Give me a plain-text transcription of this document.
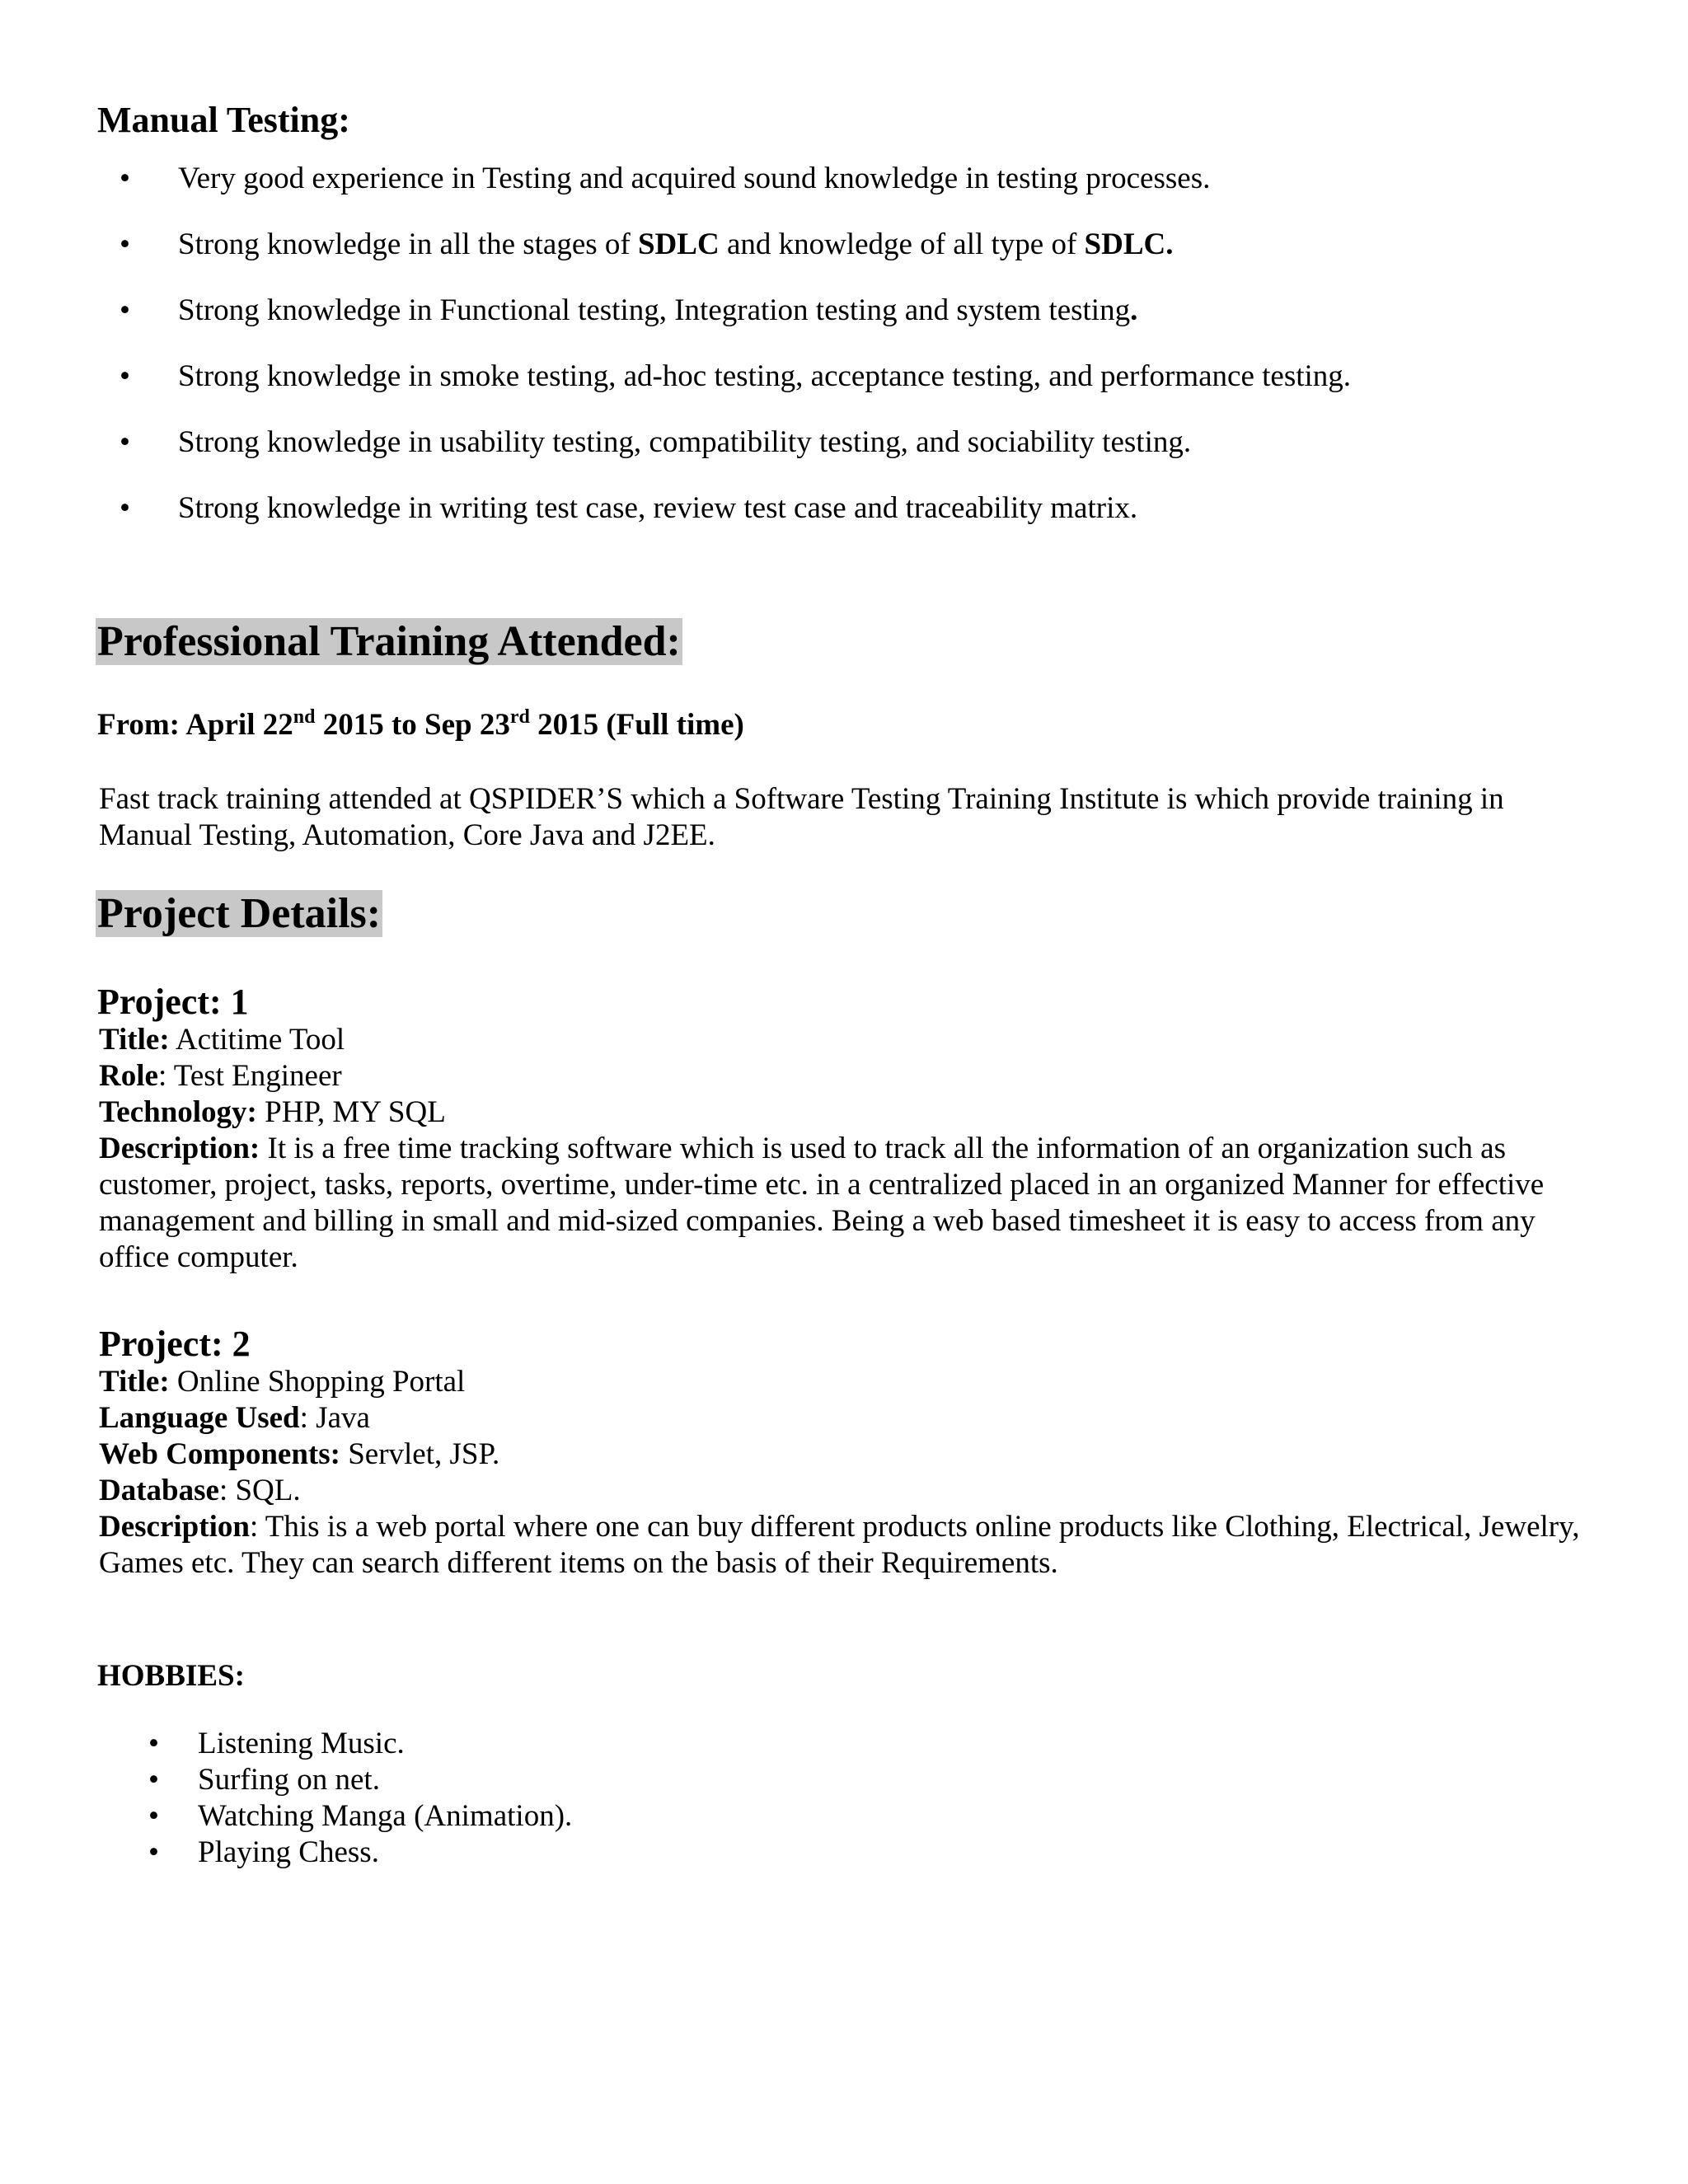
Manual Testing:
• Very good experience in Testing and acquired sound knowledge in testing processes.
• Strong knowledge in all the stages of SDLC and knowledge of all type of SDLC.
• Strong knowledge in Functional testing, Integration testing and system testing.
• Strong knowledge in smoke testing, ad-hoc testing, acceptance testing, and performance testing.
• Strong knowledge in usability testing, compatibility testing, and sociability testing.
• Strong knowledge in writing test case, review test case and traceability matrix.
Professional Training Attended:

From: April 22nd 2015 to Sep 23rd 2015 (Full time)

Fast track training attended at QSPIDER’S which a Software Testing Training Institute is which provide training in Manual Testing, Automation, Core Java and J2EE.

Project Details:
Project: 1
Title: Actitime Tool
Role: Test Engineer
Technology: PHP, MY SQL
Description: It is a free time tracking software which is used to track all the information of an organization such as customer, project, tasks, reports, overtime, under-time etc. in a centralized placed in an organized Manner for effective management and billing in small and mid-sized companies. Being a web based timesheet it is easy to access from any office computer.
Project: 2
Title: Online Shopping Portal
Language Used: Java
Web Components: Servlet, JSP.
Database: SQL.
Description: This is a web portal where one can buy different products online products like Clothing, Electrical, Jewelry, Games etc. They can search different items on the basis of their Requirements.
HOBBIES:
• Listening Music.
• Surfing on net.
• Watching Manga (Animation).
• Playing Chess.
